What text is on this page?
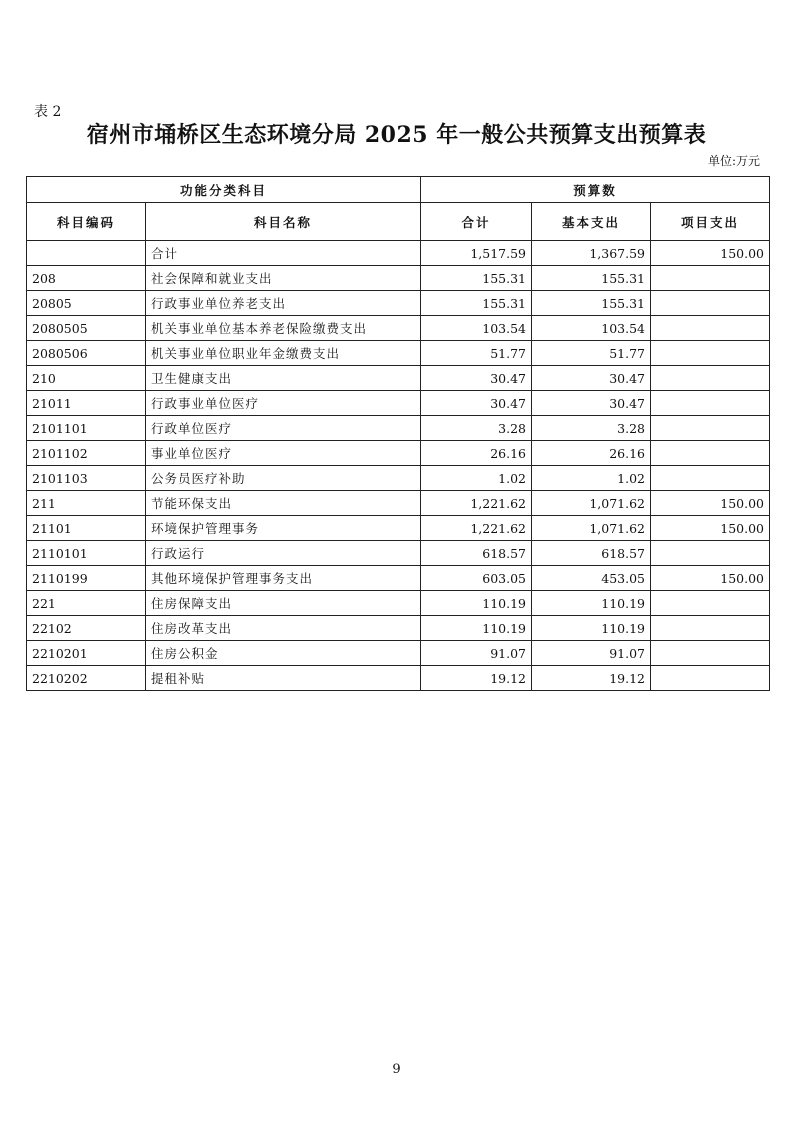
表 2
宿州市埇桥区生态环境分局 2025 年一般公共预算支出预算表
单位:万元
功能分类科目		预算数		
科目编码	科目名称	合计	基本支出	项目支出
	合计	1,517.59	1,367.59	150.00
208	社会保障和就业支出	155.31	155.31	
20805	行政事业单位养老支出	155.31	155.31	
2080505	机关事业单位基本养老保险缴费支出	103.54	103.54	
2080506	机关事业单位职业年金缴费支出	51.77	51.77	
210	卫生健康支出	30.47	30.47	
21011	行政事业单位医疗	30.47	30.47	
2101101	行政单位医疗	3.28	3.28	
2101102	事业单位医疗	26.16	26.16	
2101103	公务员医疗补助	1.02	1.02	
211	节能环保支出	1,221.62	1,071.62	150.00
21101	环境保护管理事务	1,221.62	1,071.62	150.00
2110101	行政运行	618.57	618.57	
2110199	其他环境保护管理事务支出	603.05	453.05	150.00
221	住房保障支出	110.19	110.19	
22102	住房改革支出	110.19	110.19	
2210201	住房公积金	91.07	91.07	
2210202	提租补贴	19.12	19.12	
9
